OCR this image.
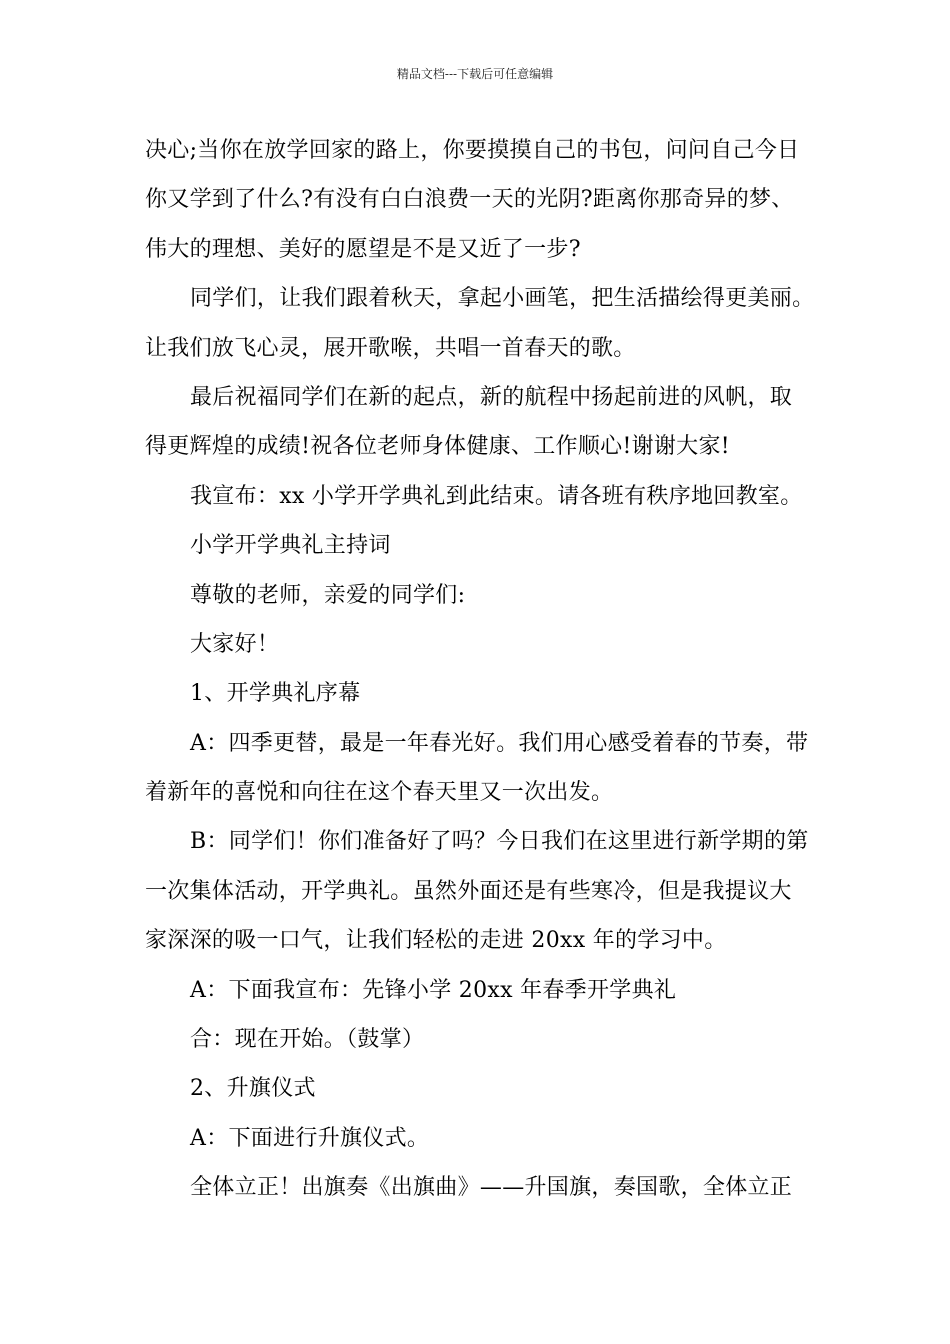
精品文档---下载后可任意编辑
决心;当你在放学回家的路上，你要摸摸自己的书包，问问自己今日
你又学到了什么?有没有白白浪费一天的光阴?距离你那奇异的梦、
伟大的理想、美好的愿望是不是又近了一步?
同学们，让我们跟着秋天，拿起小画笔，把生活描绘得更美丽。
让我们放飞心灵，展开歌喉，共唱一首春天的歌。
最后祝福同学们在新的起点，新的航程中扬起前进的风帆，取
得更辉煌的成绩!祝各位老师身体健康、工作顺心!谢谢大家!
我宣布：xx 小学开学典礼到此结束。请各班有秩序地回教室。
小学开学典礼主持词
尊敬的老师，亲爱的同学们:
大家好！
1、开学典礼序幕
A：四季更替，最是一年春光好。我们用心感受着春的节奏，带
着新年的喜悦和向往在这个春天里又一次出发。
B：同学们！你们准备好了吗？今日我们在这里进行新学期的第
一次集体活动，开学典礼。虽然外面还是有些寒冷，但是我提议大
家深深的吸一口气，让我们轻松的走进 20xx 年的学习中。
A：下面我宣布：先锋小学 20xx 年春季开学典礼
合：现在开始。（鼓掌）
2、升旗仪式
A：下面进行升旗仪式。
全体立正！出旗奏《出旗曲》——升国旗，奏国歌，全体立正
